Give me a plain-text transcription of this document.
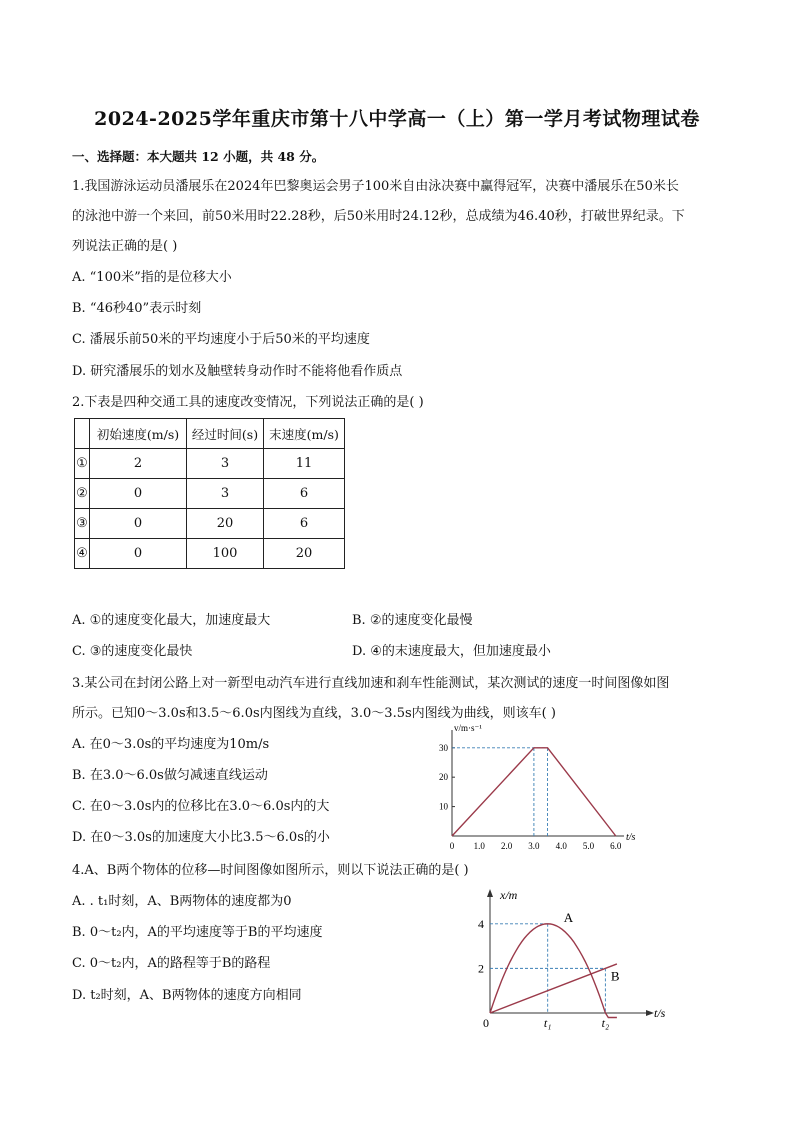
2024-2025学年重庆市第十八中学高一（上）第一学月考试物理试卷
一、选择题：本大题共 12 小题，共 48 分。
1.我国游泳运动员潘展乐在2024年巴黎奥运会男子100米自由泳决赛中赢得冠军，决赛中潘展乐在50米长
的泳池中游一个来回，前50米用时22.28秒，后50米用时24.12秒，总成绩为46.40秒，打破世界纪录。下
列说法正确的是( )
A. “100米”指的是位移大小
B. “46秒40”表示时刻
C. 潘展乐前50米的平均速度小于后50米的平均速度
D. 研究潘展乐的划水及触壁转身动作时不能将他看作质点
2.下表是四种交通工具的速度改变情况，下列说法正确的是( )
	初始速度(m/s)	经过时间(s)	末速度(m/s)
①	2	3	11
②	0	3	6
③	0	20	6
④	0	100	20
A. ①的速度变化最大，加速度最大	B. ②的速度变化最慢
C. ③的速度变化最快	D. ④的末速度最大，但加速度最小
3.某公司在封闭公路上对一新型电动汽车进行直线加速和刹车性能测试，某次测试的速度一时间图像如图
所示。已知0～3.0s和3.5～6.0s内图线为直线，3.0～3.5s内图线为曲线，则该车( )
A. 在0～3.0s的平均速度为10m/s
B. 在3.0～6.0s做匀减速直线运动
C. 在0～3.0s内的位移比在3.0～6.0s内的大
D. 在0～3.0s的加速度大小比3.5～6.0s的小	t/s
v/m·s⁻¹
0 1.0 2.0 3.0 4.0 5.0 6.0
10
20
30
4.A、B两个物体的位移—时间图像如图所示，则以下说法正确的是( )
A. . t₁时刻，A、B两物体的速度都为0
B. 0～t₂内，A的平均速度等于B的平均速度
C. 0～t₂内，A的路程等于B的路程
D. t₂时刻，A、B两物体的速度方向相同
x/m
t/s
0
4
2
t₁	t₂
A
B
